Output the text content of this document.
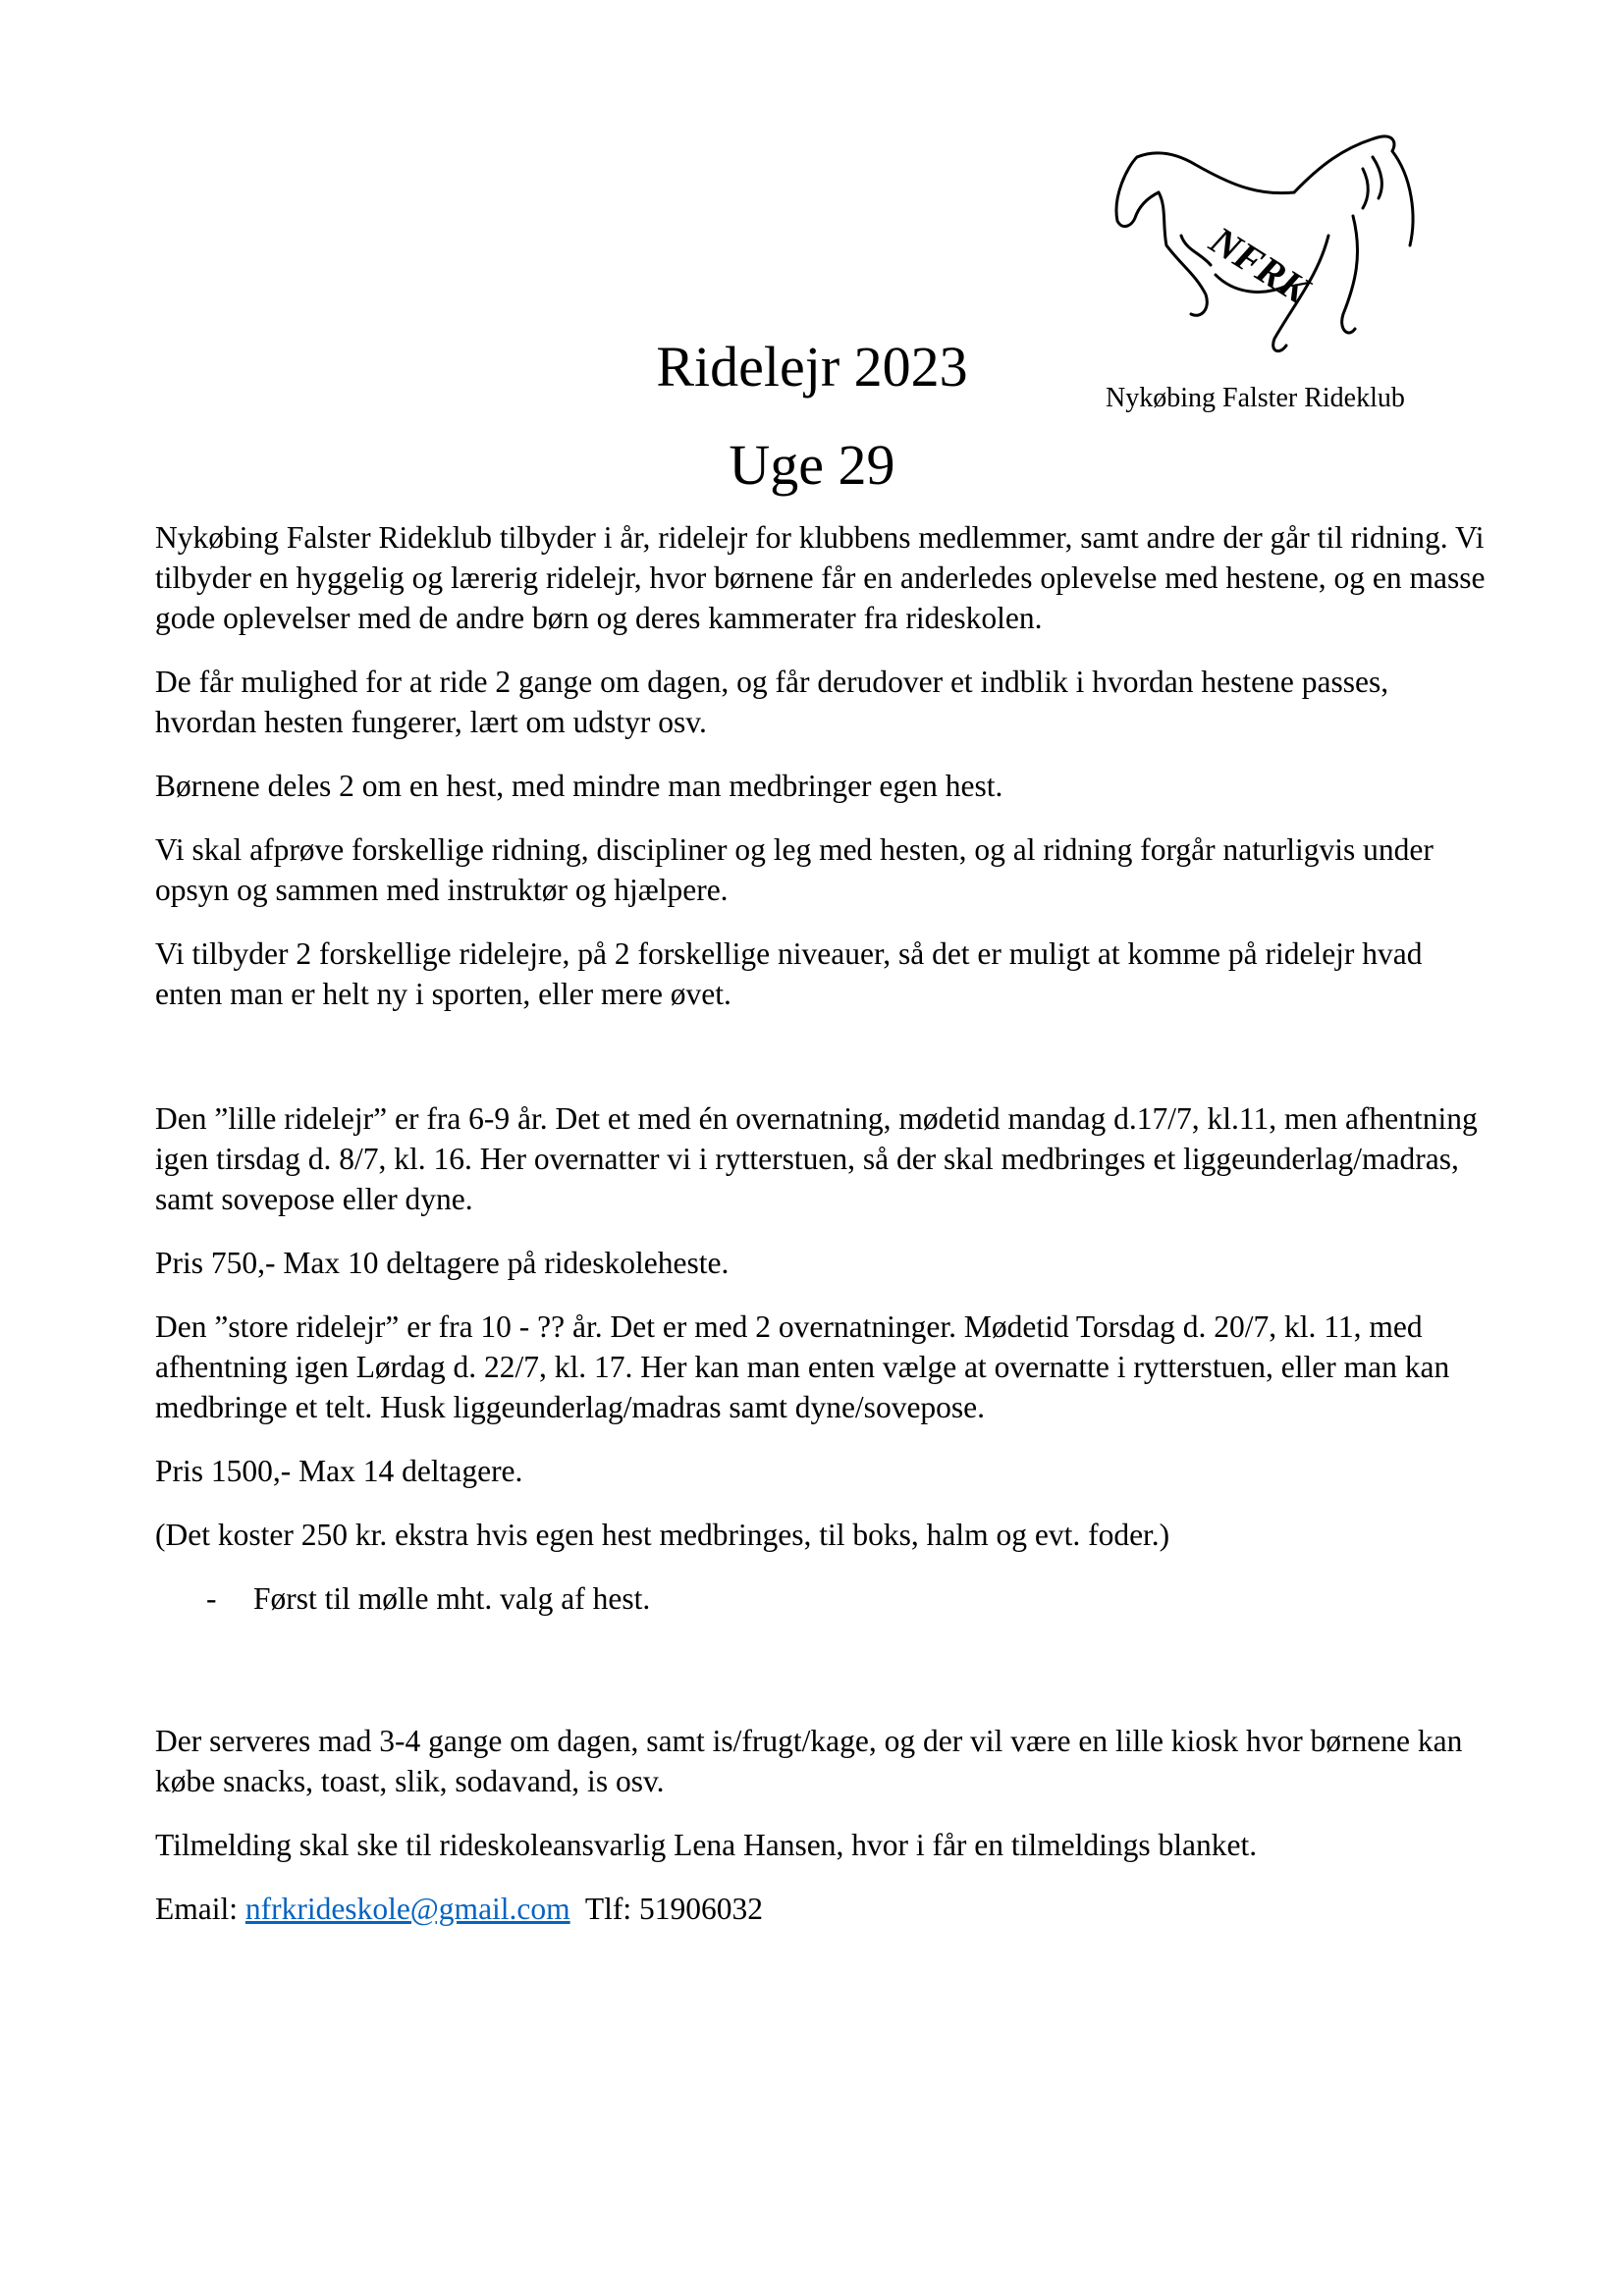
NFRK
Nykøbing Falster Rideklub
Ridelejr 2023
Uge 29

Nykøbing Falster Rideklub tilbyder i år, ridelejr for klubbens medlemmer, samt andre der går til ridning. Vi tilbyder en hyggelig og lærerig ridelejr, hvor børnene får en anderledes oplevelse med hestene, og en masse gode oplevelser med de andre børn og deres kammerater fra rideskolen.

De får mulighed for at ride 2 gange om dagen, og får derudover et indblik i hvordan hestene passes, hvordan hesten fungerer, lært om udstyr osv.

Børnene deles 2 om en hest, med mindre man medbringer egen hest.

Vi skal afprøve forskellige ridning, discipliner og leg med hesten, og al ridning forgår naturligvis under opsyn og sammen med instruktør og hjælpere.

Vi tilbyder 2 forskellige ridelejre, på 2 forskellige niveauer, så det er muligt at komme på ridelejr hvad enten man er helt ny i sporten, eller mere øvet.

Den ”lille ridelejr” er fra 6-9 år. Det et med én overnatning, mødetid mandag d.17/7, kl.11, men afhentning igen tirsdag d. 8/7, kl. 16. Her overnatter vi i rytterstuen, så der skal medbringes et liggeunderlag/madras, samt sovepose eller dyne.

Pris 750,- Max 10 deltagere på rideskoleheste.

Den ”store ridelejr” er fra 10 - ?? år. Det er med 2 overnatninger. Mødetid Torsdag d. 20/7, kl. 11, med afhentning igen Lørdag d. 22/7, kl. 17. Her kan man enten vælge at overnatte i rytterstuen, eller man kan medbringe et telt. Husk liggeunderlag/madras samt dyne/sovepose.

Pris 1500,- Max 14 deltagere.

(Det koster 250 kr. ekstra hvis egen hest medbringes, til boks, halm og evt. foder.)

-	Først til mølle mht. valg af hest.

Der serveres mad 3-4 gange om dagen, samt is/frugt/kage, og der vil være en lille kiosk hvor børnene kan købe snacks, toast, slik, sodavand, is osv.

Tilmelding skal ske til rideskoleansvarlig Lena Hansen, hvor i får en tilmeldings blanket.

Email: nfrkrideskole@gmail.com Tlf: 51906032
